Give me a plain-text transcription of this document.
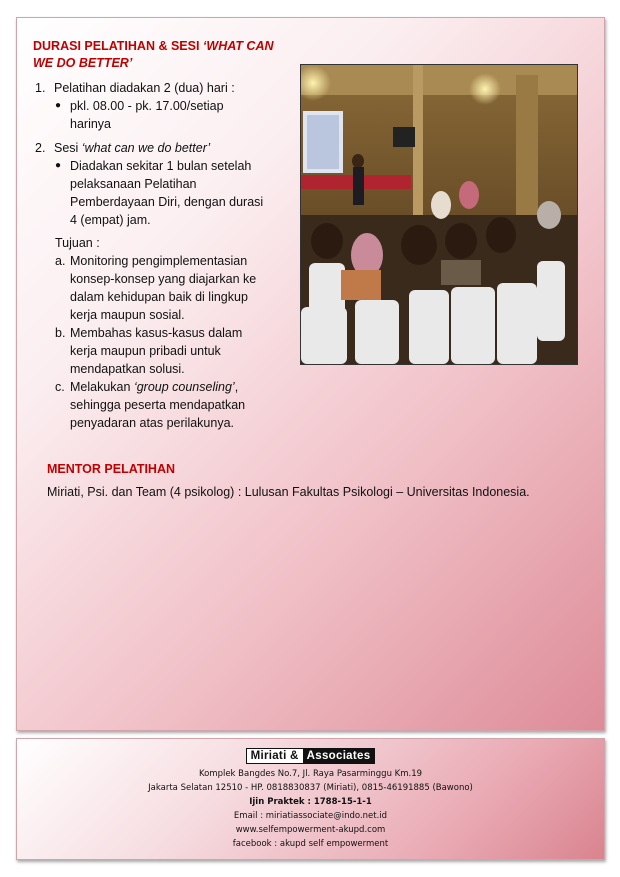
DURASI PELATIHAN & SESI ‘WHAT CAN
WE DO BETTER’
1. Pelatihan diadakan 2 (dua) hari :
● pkl. 08.00 - pk. 17.00/setiap
harinya
2. Sesi ‘what can we do better’
● Diadakan sekitar 1 bulan setelah
pelaksanaan Pelatihan
Pemberdayaan Diri, dengan durasi
4 (empat) jam.
Tujuan :
a. Monitoring pengimplementasian
konsep-konsep yang diajarkan ke
dalam kehidupan baik di lingkup
kerja maupun sosial.
b. Membahas kasus-kasus dalam
kerja maupun pribadi untuk
mendapatkan solusi.
c. Melakukan ‘group counseling’,
sehingga peserta mendapatkan
penyadaran atas perilakunya.
MENTOR PELATIHAN
Miriati, Psi. dan Team (4 psikolog) : Lulusan Fakultas Psikologi – Universitas Indonesia.
Miriati & Associates
Komplek Bangdes No.7, Jl. Raya Pasarminggu Km.19
Jakarta Selatan 12510 - HP. 0818830837 (Miriati), 0815-46191885 (Bawono)
Ijin Praktek : 1788-15-1-1
Email : miriatiassociate@indo.net.id
www.selfempowerment-akupd.com
facebook : akupd self empowerment
